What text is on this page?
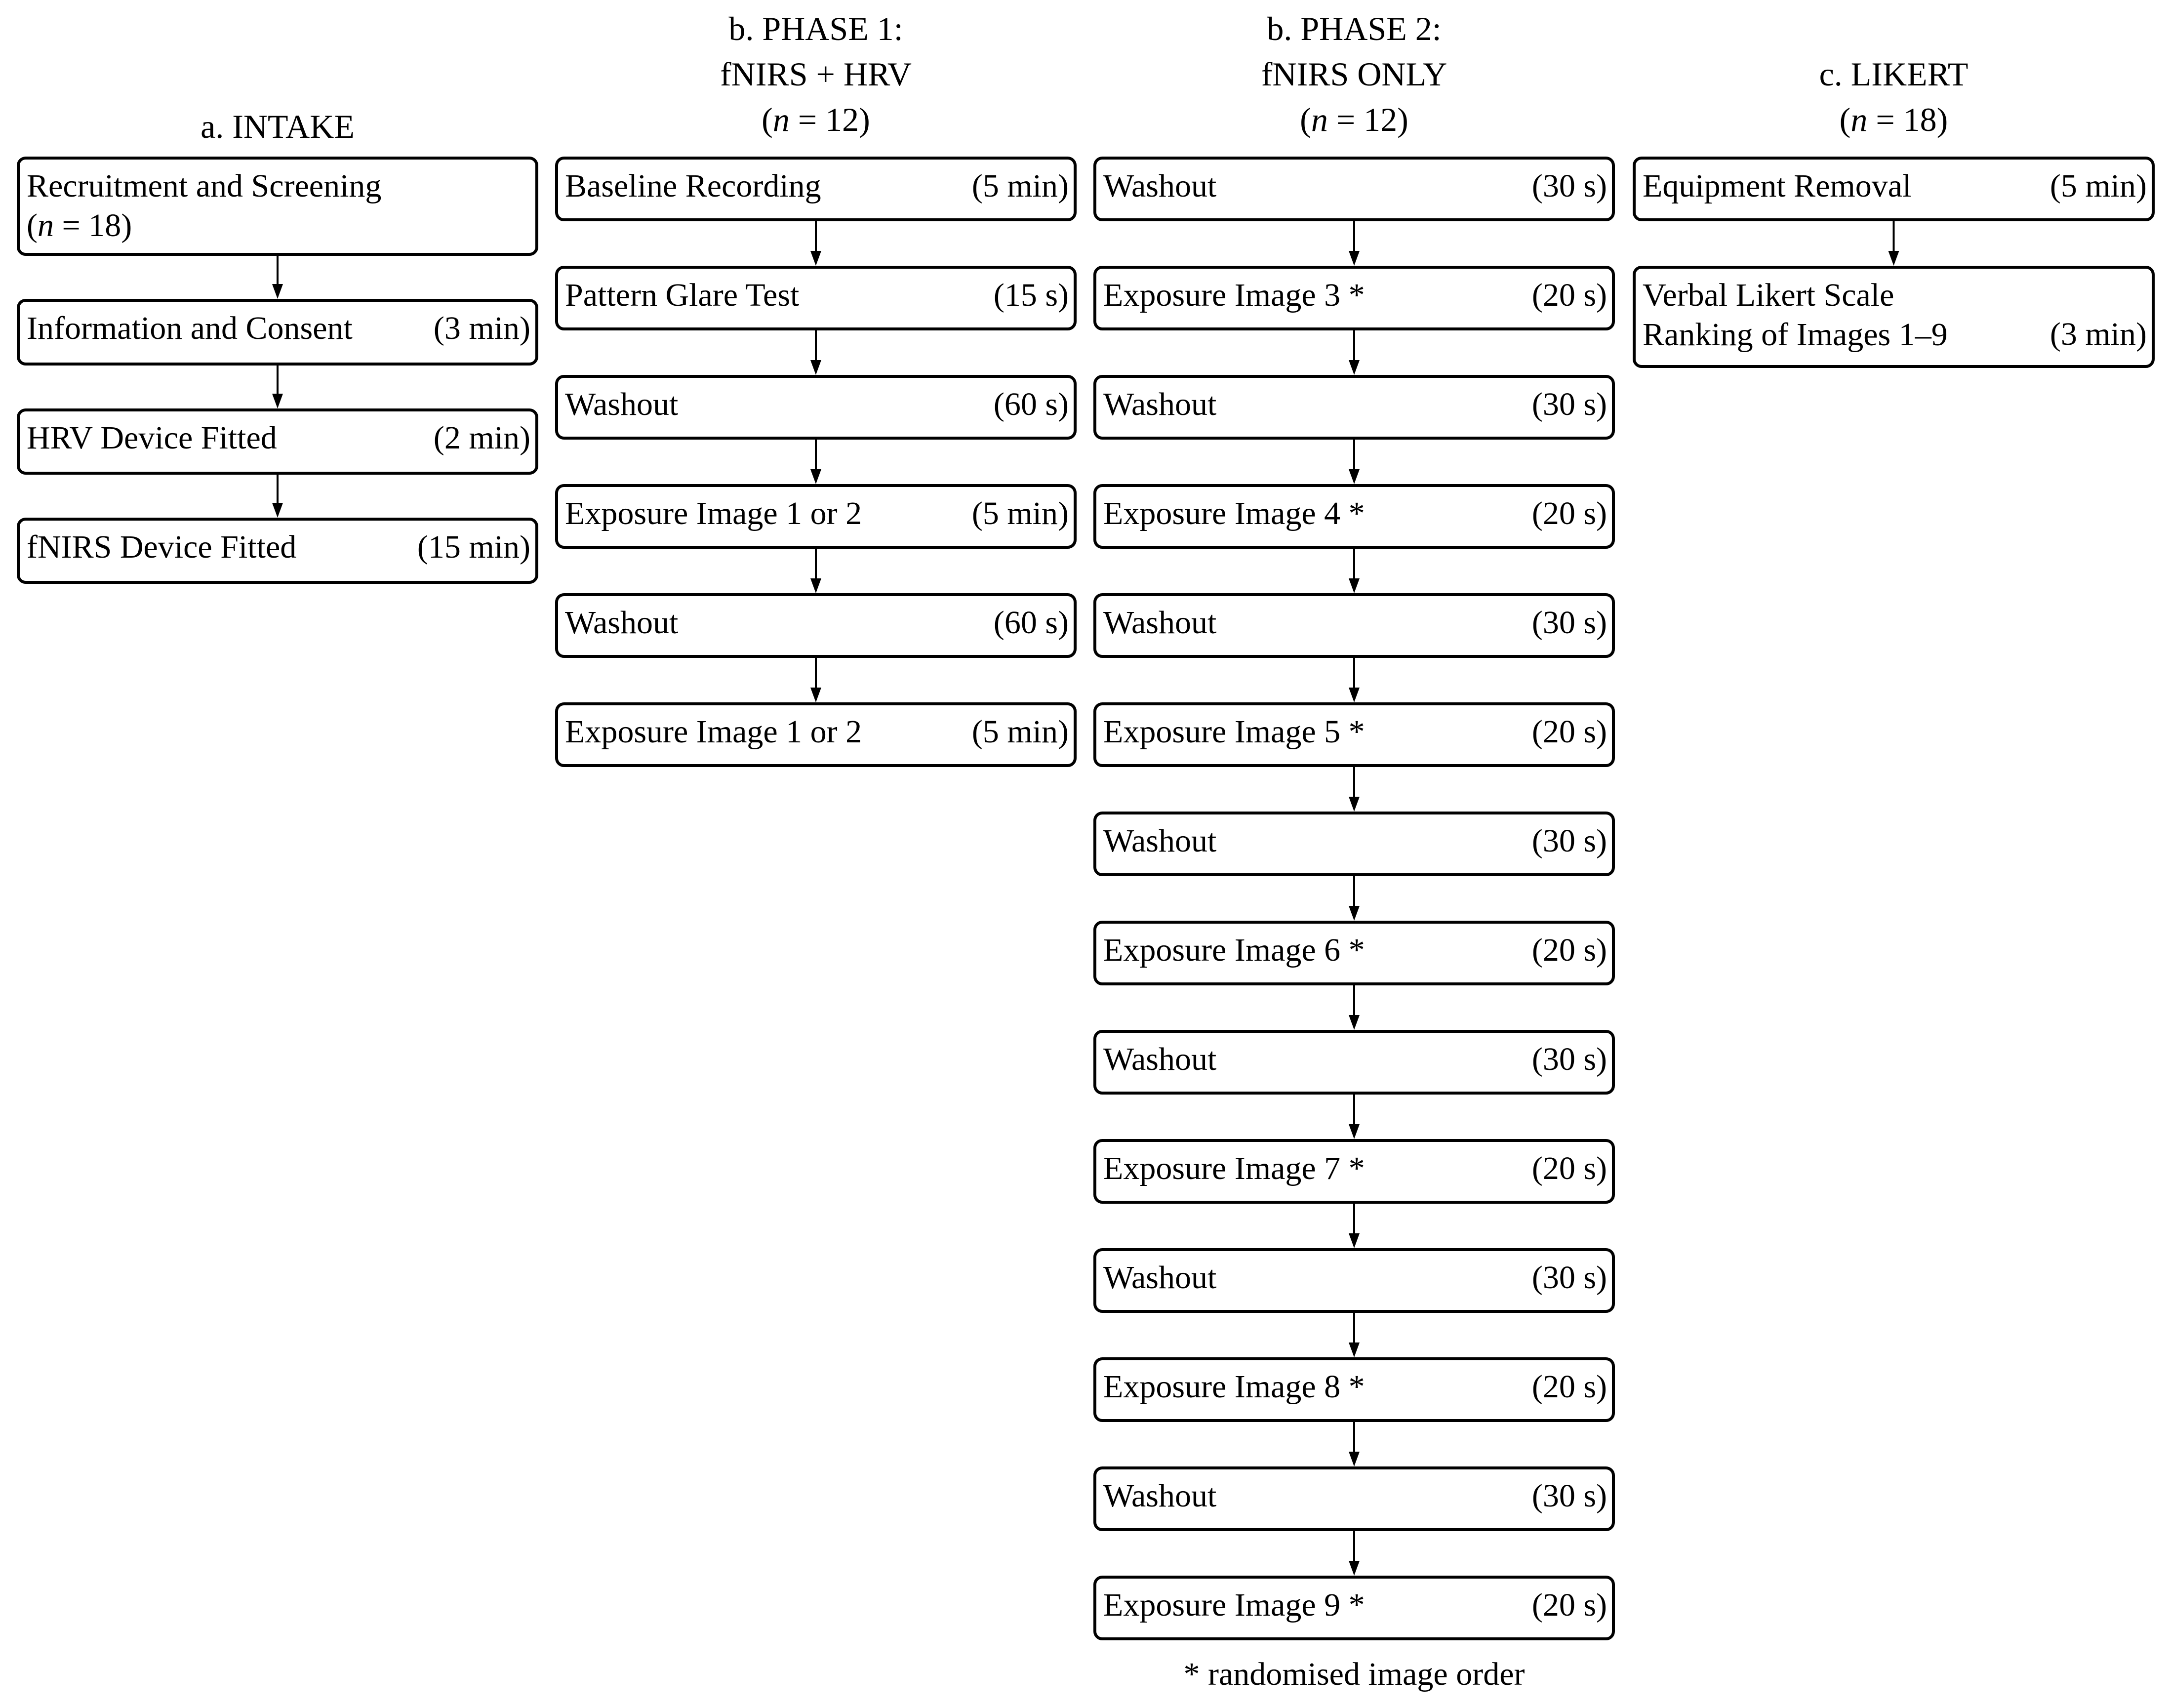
a. INTAKE
Recruitment and Screening
(n = 18)
Information and Consent	(3 min)
HRV Device Fitted	(2 min)
fNIRS Device Fitted	(15 min)
b. PHASE 1:
fNIRS + HRV
(n = 12)
Baseline Recording	(5 min)
Pattern Glare Test	(15 s)
Washout	(60 s)
Exposure Image 1 or 2	(5 min)
Washout	(60 s)
Exposure Image 1 or 2	(5 min)
b. PHASE 2:
fNIRS ONLY
(n = 12)
Washout	(30 s)
Exposure Image 3 *	(20 s)
Washout	(30 s)
Exposure Image 4 *	(20 s)
Washout	(30 s)
Exposure Image 5 *	(20 s)
Washout	(30 s)
Exposure Image 6 *	(20 s)
Washout	(30 s)
Exposure Image 7 *	(20 s)
Washout	(30 s)
Exposure Image 8 *	(20 s)
Washout	(30 s)
Exposure Image 9 *	(20 s)
c. LIKERT
(n = 18)
Equipment Removal	(5 min)
Verbal Likert Scale
Ranking of Images 1–9	(3 min)
* randomised image order
